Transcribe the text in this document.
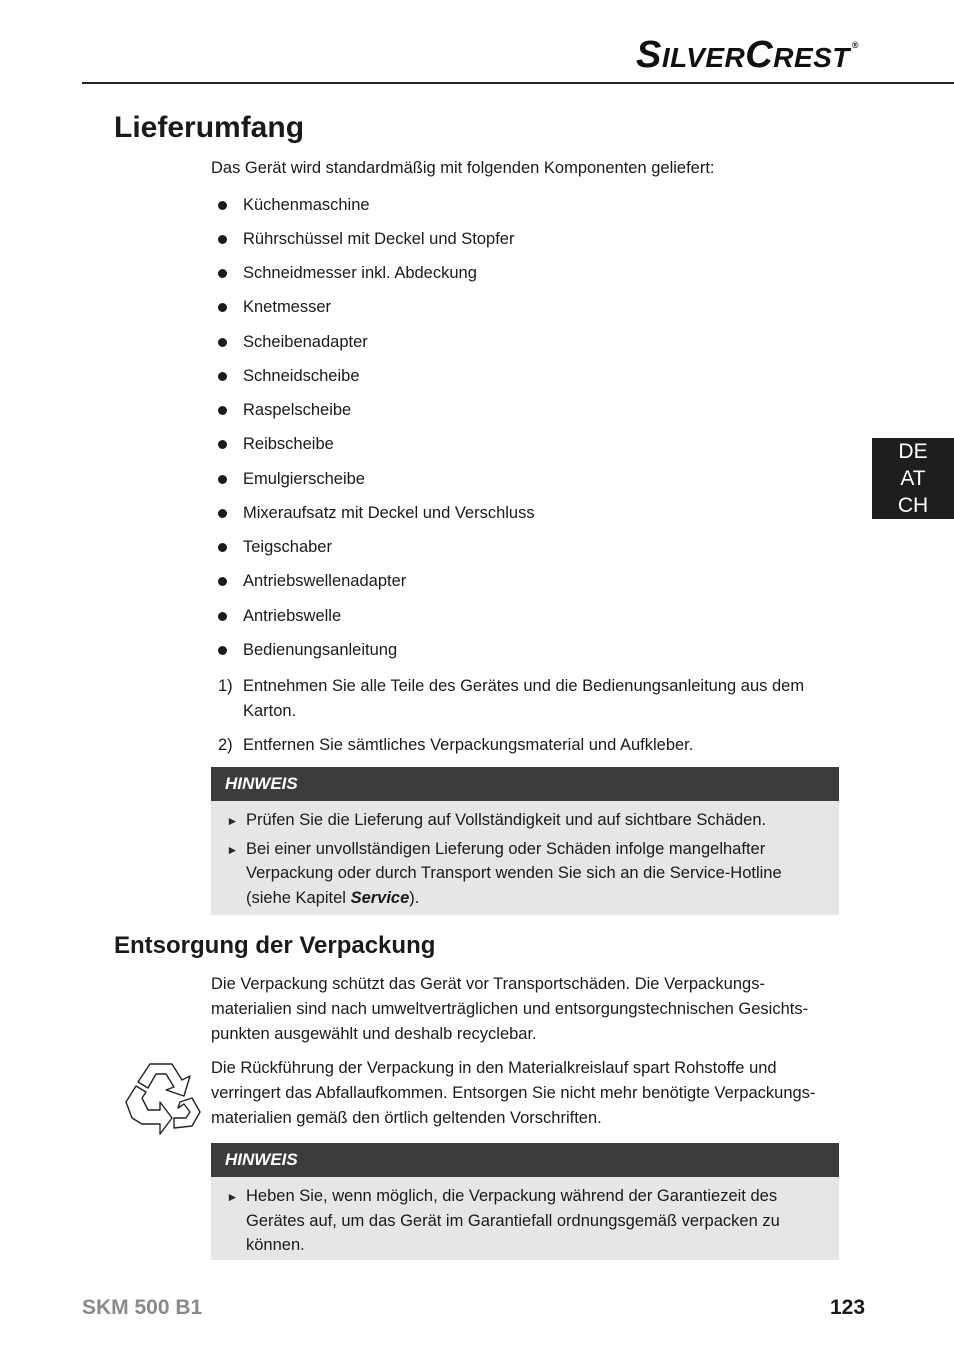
SILVERCREST ®
DE
AT
CH
Lieferumfang

Das Gerät wird standardmäßig mit folgenden Komponenten geliefert:

Küchenmaschine
Rührschüssel mit Deckel und Stopfer
Schneidmesser inkl. Abdeckung
Knetmesser
Scheibenadapter
Schneidscheibe
Raspelscheibe
Reibscheibe
Emulgierscheibe
Mixeraufsatz mit Deckel und Verschluss
Teigschaber
Antriebswellenadapter
Antriebswelle
Bedienungsanleitung
1) Entnehmen Sie alle Teile des Gerätes und die Bedienungsanleitung aus dem Karton.
2) Entfernen Sie sämtliches Verpackungsmaterial und Aufkleber.
HINWEIS
► Prüfen Sie die Lieferung auf Vollständigkeit und auf sichtbare Schäden.
► Bei einer unvollständigen Lieferung oder Schäden infolge mangelhafter Verpackung oder durch Transport wenden Sie sich an die Service-Hotline (siehe Kapitel Service).
Entsorgung der Verpackung

Die Verpackung schützt das Gerät vor Transportschäden. Die Verpackungs-materialien sind nach umweltverträglichen und entsorgungstechnischen Gesichts-punkten ausgewählt und deshalb recyclebar.

Die Rückführung der Verpackung in den Materialkreislauf spart Rohstoffe und verringert das Abfallaufkommen. Entsorgen Sie nicht mehr benötigte Verpackungs-materialien gemäß den örtlich geltenden Vorschriften.

HINWEIS
► Heben Sie, wenn möglich, die Verpackung während der Garantiezeit des Gerätes auf, um das Gerät im Garantiefall ordnungsgemäß verpacken zu können.
SKM 500 B1	123
